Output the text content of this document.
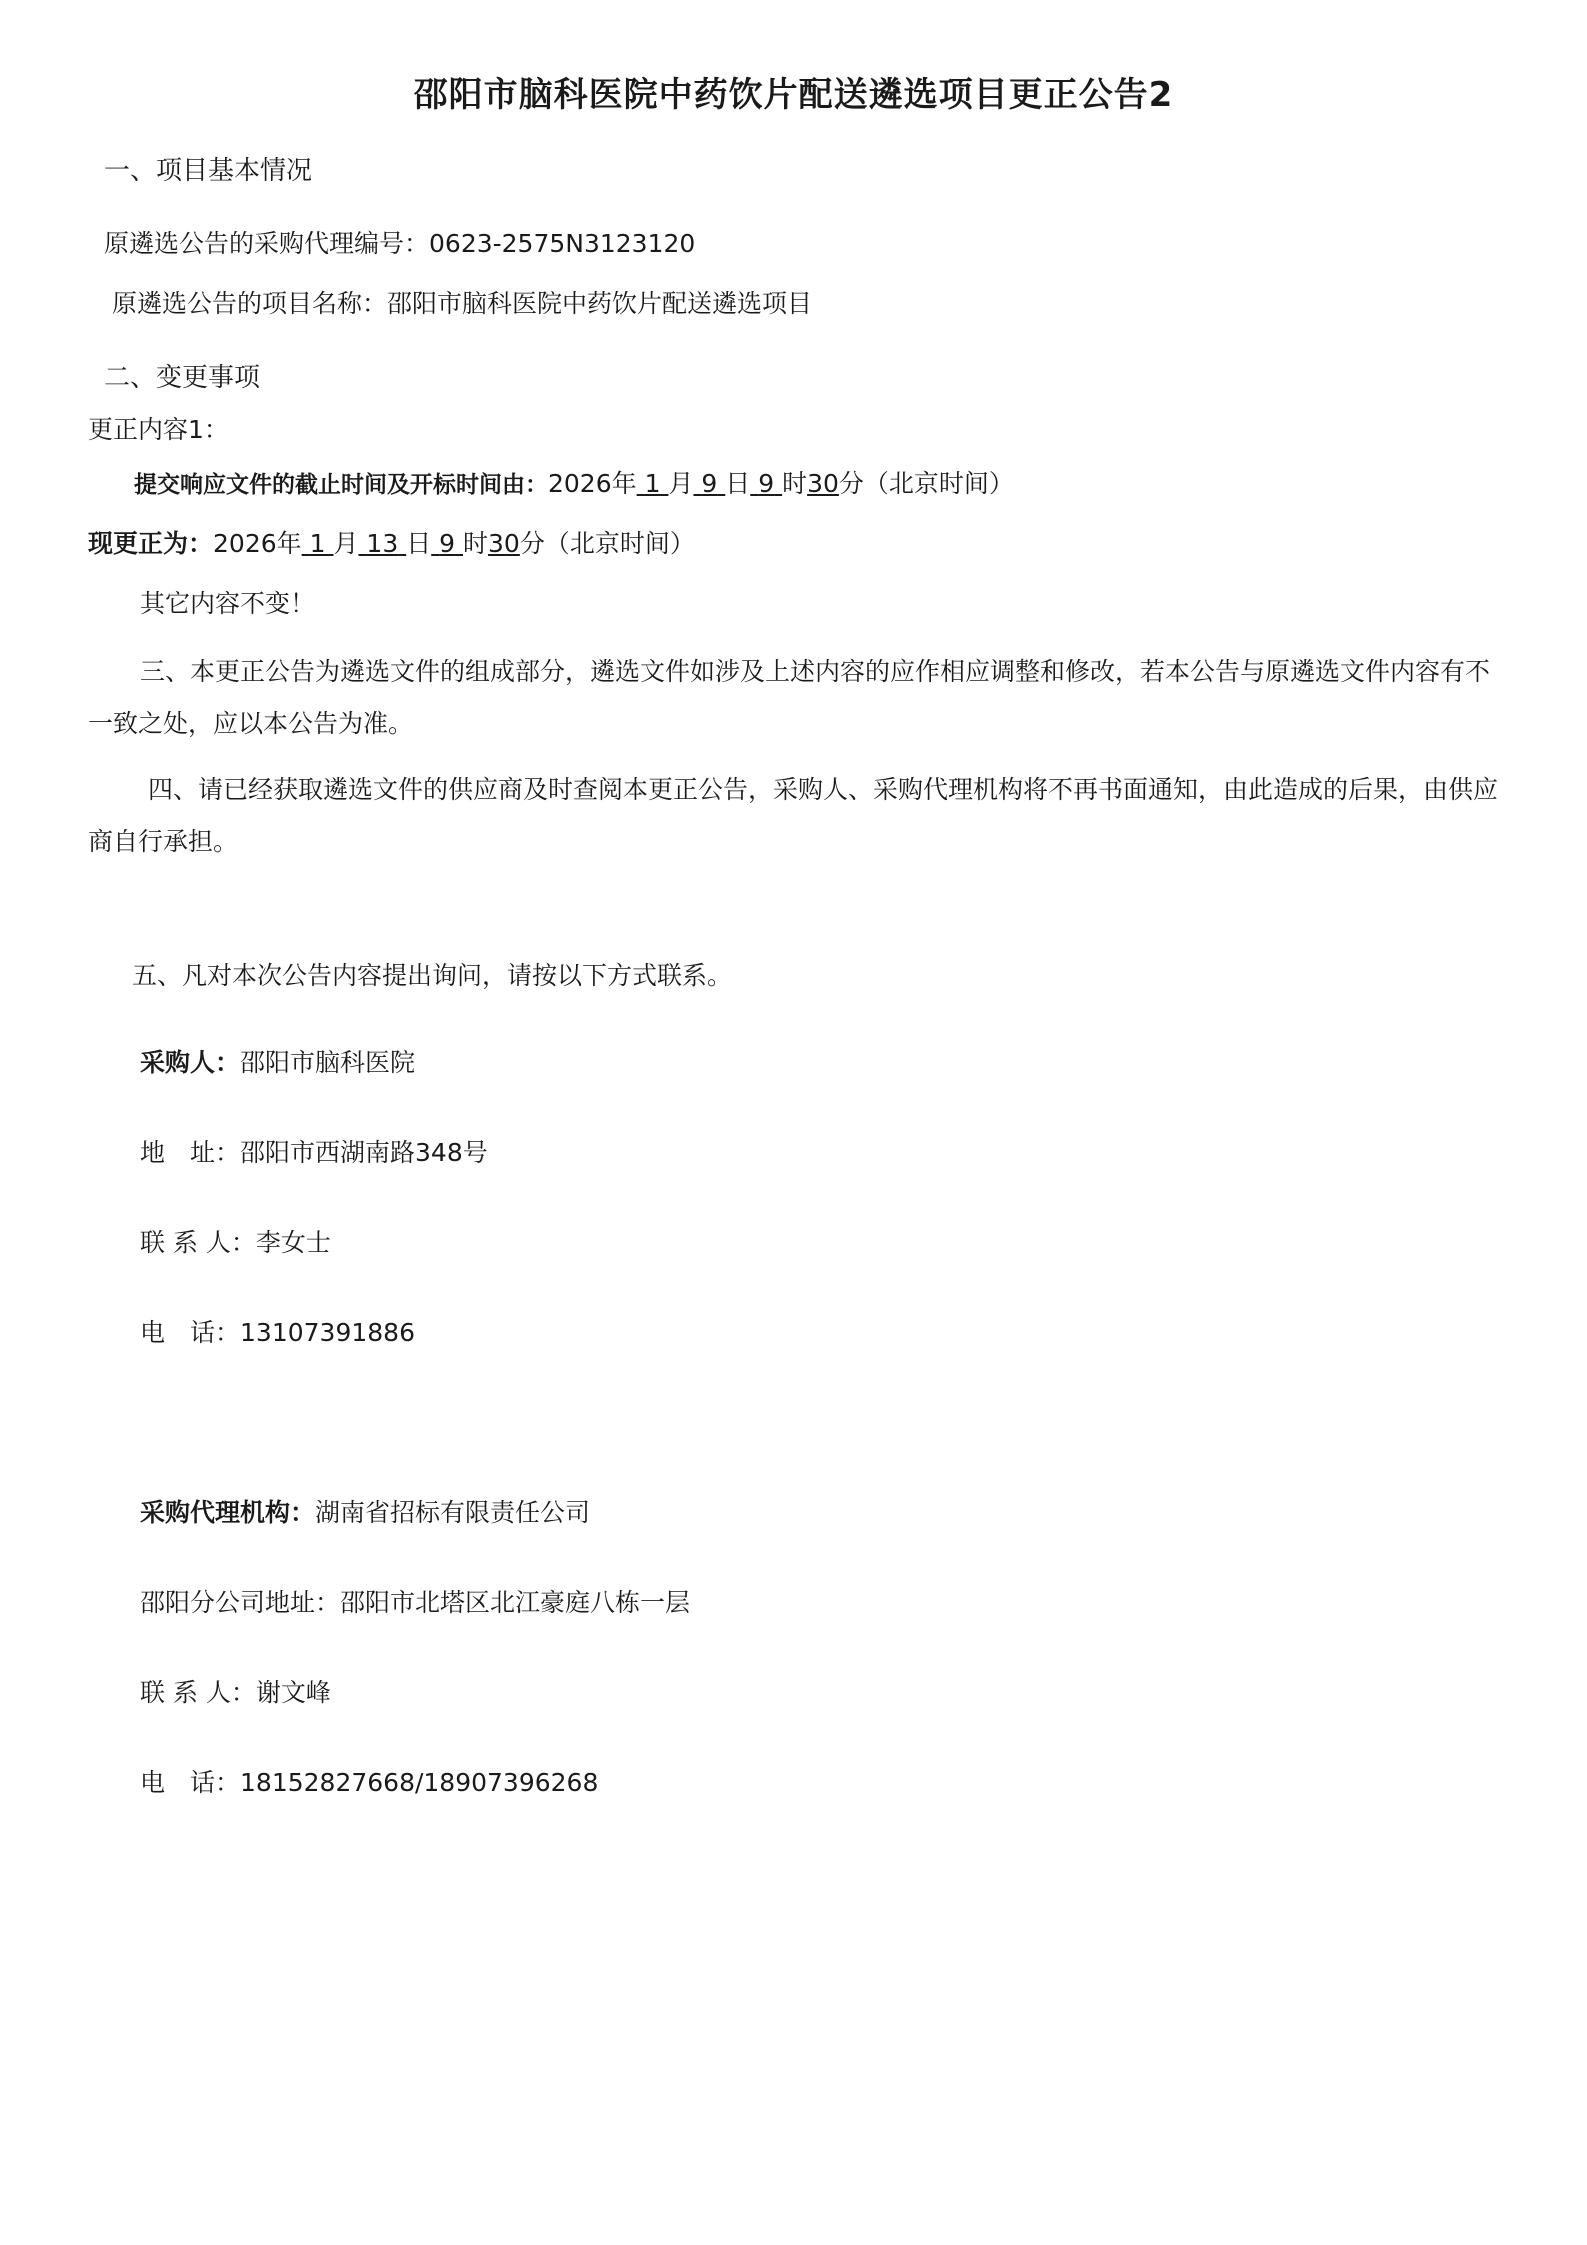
邵阳市脑科医院中药饮片配送遴选项目更正公告2
一、项目基本情况
原遴选公告的采购代理编号：0623-2575N3123120
原遴选公告的项目名称：邵阳市脑科医院中药饮片配送遴选项目
二、变更事项
更正内容1：
提交响应文件的截止时间及开标时间由：2026年 1 月 9 日 9 时30分（北京时间）
现更正为：2026年 1 月 13 日 9 时30分（北京时间）
其它内容不变！
三、本更正公告为遴选文件的组成部分，遴选文件如涉及上述内容的应作相应调整和修改，若本公告与原遴选文件内容有不一致之处，应以本公告为准。
四、请已经获取遴选文件的供应商及时查阅本更正公告，采购人、采购代理机构将不再书面通知，由此造成的后果，由供应商自行承担。
五、凡对本次公告内容提出询问，请按以下方式联系。
采购人：邵阳市脑科医院
地　址：邵阳市西湖南路348号
联 系 人：李女士
电　话：13107391886
采购代理机构：湖南省招标有限责任公司
邵阳分公司地址：邵阳市北塔区北江豪庭八栋一层
联 系 人：谢文峰
电　话：18152827668/18907396268
